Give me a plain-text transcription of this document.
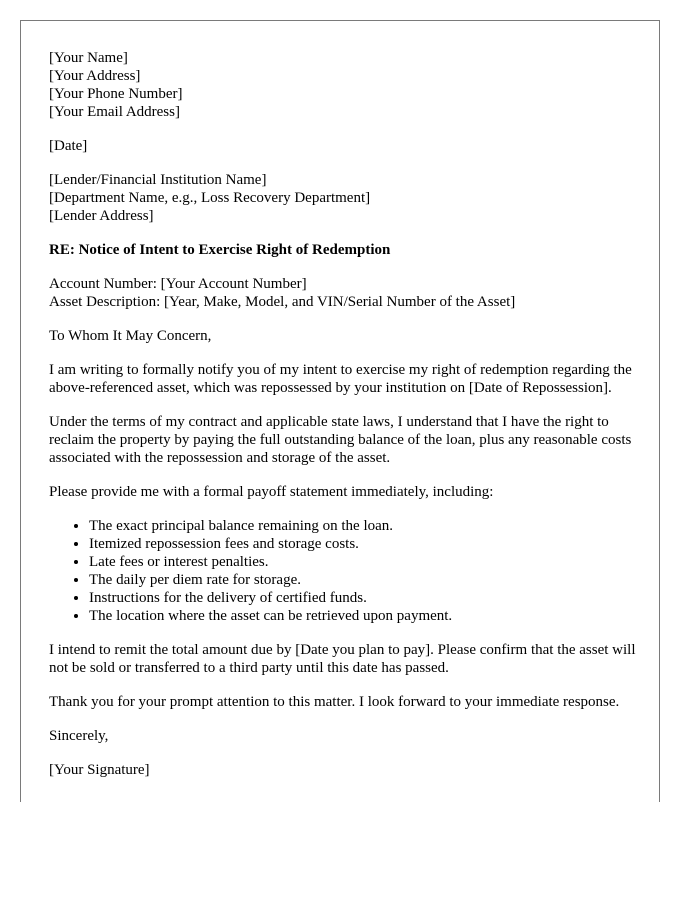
[Your Name]
[Your Address]
[Your Phone Number]
[Your Email Address]
[Date]
[Lender/Financial Institution Name]
[Department Name, e.g., Loss Recovery Department]
[Lender Address]
RE: Notice of Intent to Exercise Right of Redemption
Account Number: [Your Account Number]
Asset Description: [Year, Make, Model, and VIN/Serial Number of the Asset]

To Whom It May Concern,

I am writing to formally notify you of my intent to exercise my right of redemption regarding the above-referenced asset, which was repossessed by your institution on [Date of Repossession].

Under the terms of my contract and applicable state laws, I understand that I have the right to reclaim the property by paying the full outstanding balance of the loan, plus any reasonable costs associated with the repossession and storage of the asset.

Please provide me with a formal payoff statement immediately, including:

• The exact principal balance remaining on the loan.
• Itemized repossession fees and storage costs.
• Late fees or interest penalties.
• The daily per diem rate for storage.
• Instructions for the delivery of certified funds.
• The location where the asset can be retrieved upon payment.

I intend to remit the total amount due by [Date you plan to pay]. Please confirm that the asset will not be sold or transferred to a third party until this date has passed.

Thank you for your prompt attention to this matter. I look forward to your immediate response.

Sincerely,

[Your Signature]
